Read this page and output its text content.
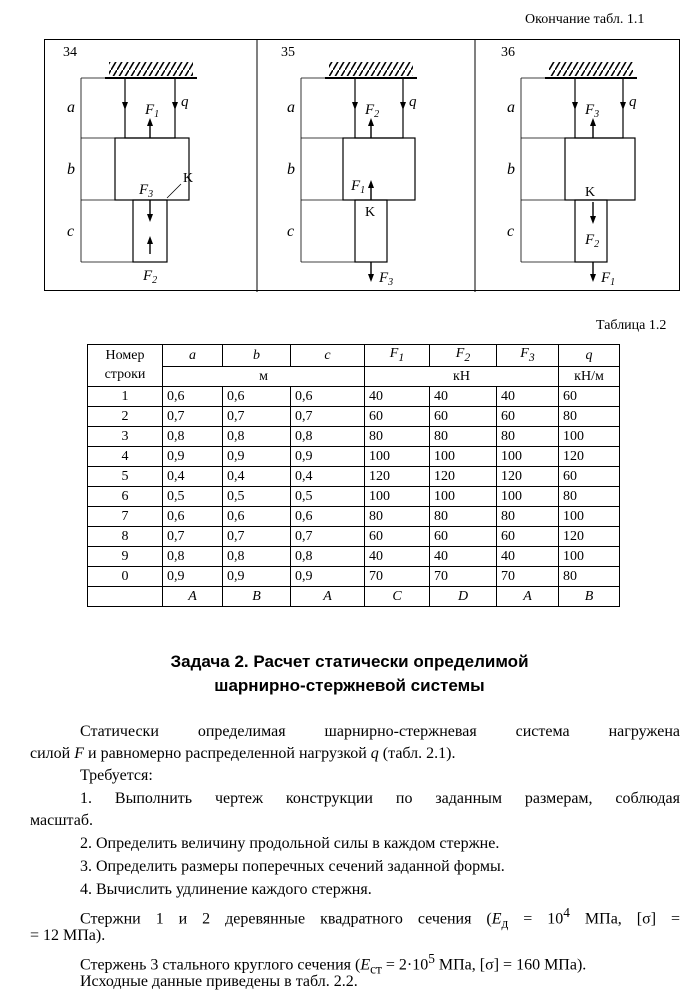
Окончание табл. 1.1
34
a
b
c
q
$F_1$
$F_3$
K
$F_2$
35
a
b
c
q
$F_2$
$F_1$
K
$F_3$
36
a
b
c
q
$F_3$
K
$F_2$
$F_1$
Таблица 1.2
Номер
строки	a	b	c	$F_1$	$F_2$	$F_3$	q
	м			кН			кН/м
1	0,6	0,6	0,6	40	40	40	60
2	0,7	0,7	0,7	60	60	60	80
3	0,8	0,8	0,8	80	80	80	100
4	0,9	0,9	0,9	100	100	100	120
5	0,4	0,4	0,4	120	120	120	60
6	0,5	0,5	0,5	100	100	100	80
7	0,6	0,6	0,6	80	80	80	100
8	0,7	0,7	0,7	60	60	60	120
9	0,8	0,8	0,8	40	40	40	100
0	0,9	0,9	0,9	70	70	70	80
	A	B	A	C	D	A	B
Задача 2. Расчет статически определимой
шарнирно-стержневой системы
Статически определимая шарнирно-стержневая система нагружена
силой F и равномерно распределенной нагрузкой q (табл. 2.1).
Требуется:
1. Выполнить чертеж конструкции по заданным размерам, соблюдая
масштаб.
2. Определить величину продольной силы в каждом стержне.
3. Определить размеры поперечных сечений заданной формы.
4. Вычислить удлинение каждого стержня.
Стержни 1 и 2 деревянные квадратного сечения ($E_д = 10^4$ МПа, [σ] =
= 12 МПа).
Стержень 3 стального круглого сечения ($E_{ст} = 2\cdot 10^5$ МПа, [σ] = 160 МПа).
Исходные данные приведены в табл. 2.2.
